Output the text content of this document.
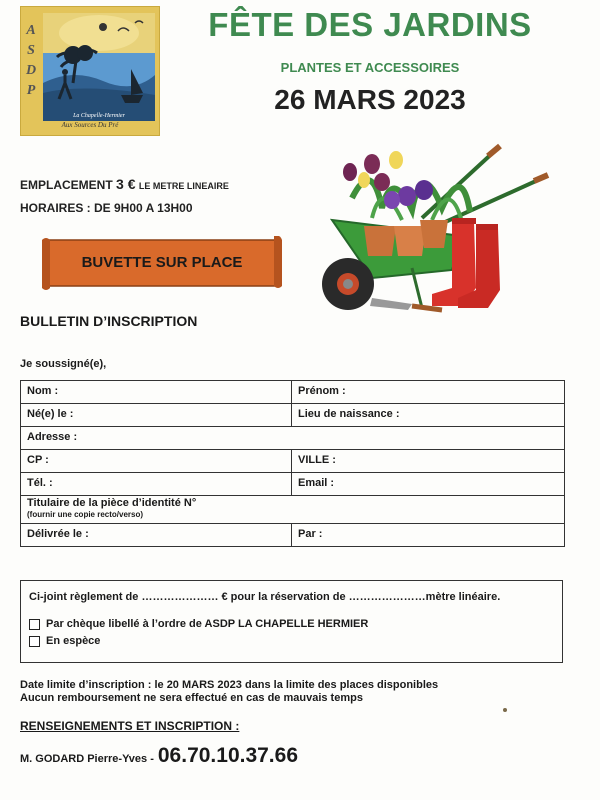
A
S
D
P
La Chapelle-Hermier
Aux Sources Du Pré
FÊTE DES JARDINS
PLANTES ET ACCESSOIRES
26 MARS 2023
EMPLACEMENT 3 € LE METRE LINEAIRE
HORAIRES : DE 9H00 A 13H00
BUVETTE SUR PLACE
BULLETIN D’INSCRIPTION
Je soussigné(e),
Nom :	Prénom :
Né(e) le :	Lieu de naissance :
Adresse :
CP :	VILLE :
Tél. :	Email :
Titulaire de la pièce d’identité N°
(fournir une copie recto/verso)
Délivrée le :	Par :
Ci-joint règlement de ………………… € pour la réservation de …………………mètre linéaire.
Par chèque libellé à l’ordre de ASDP LA CHAPELLE HERMIER
En espèce
Date limite d’inscription : le 20 MARS 2023 dans la limite des places disponibles
Aucun remboursement ne sera effectué en cas de mauvais temps
RENSEIGNEMENTS ET INSCRIPTION :
M. GODARD Pierre-Yves - 06.70.10.37.66
